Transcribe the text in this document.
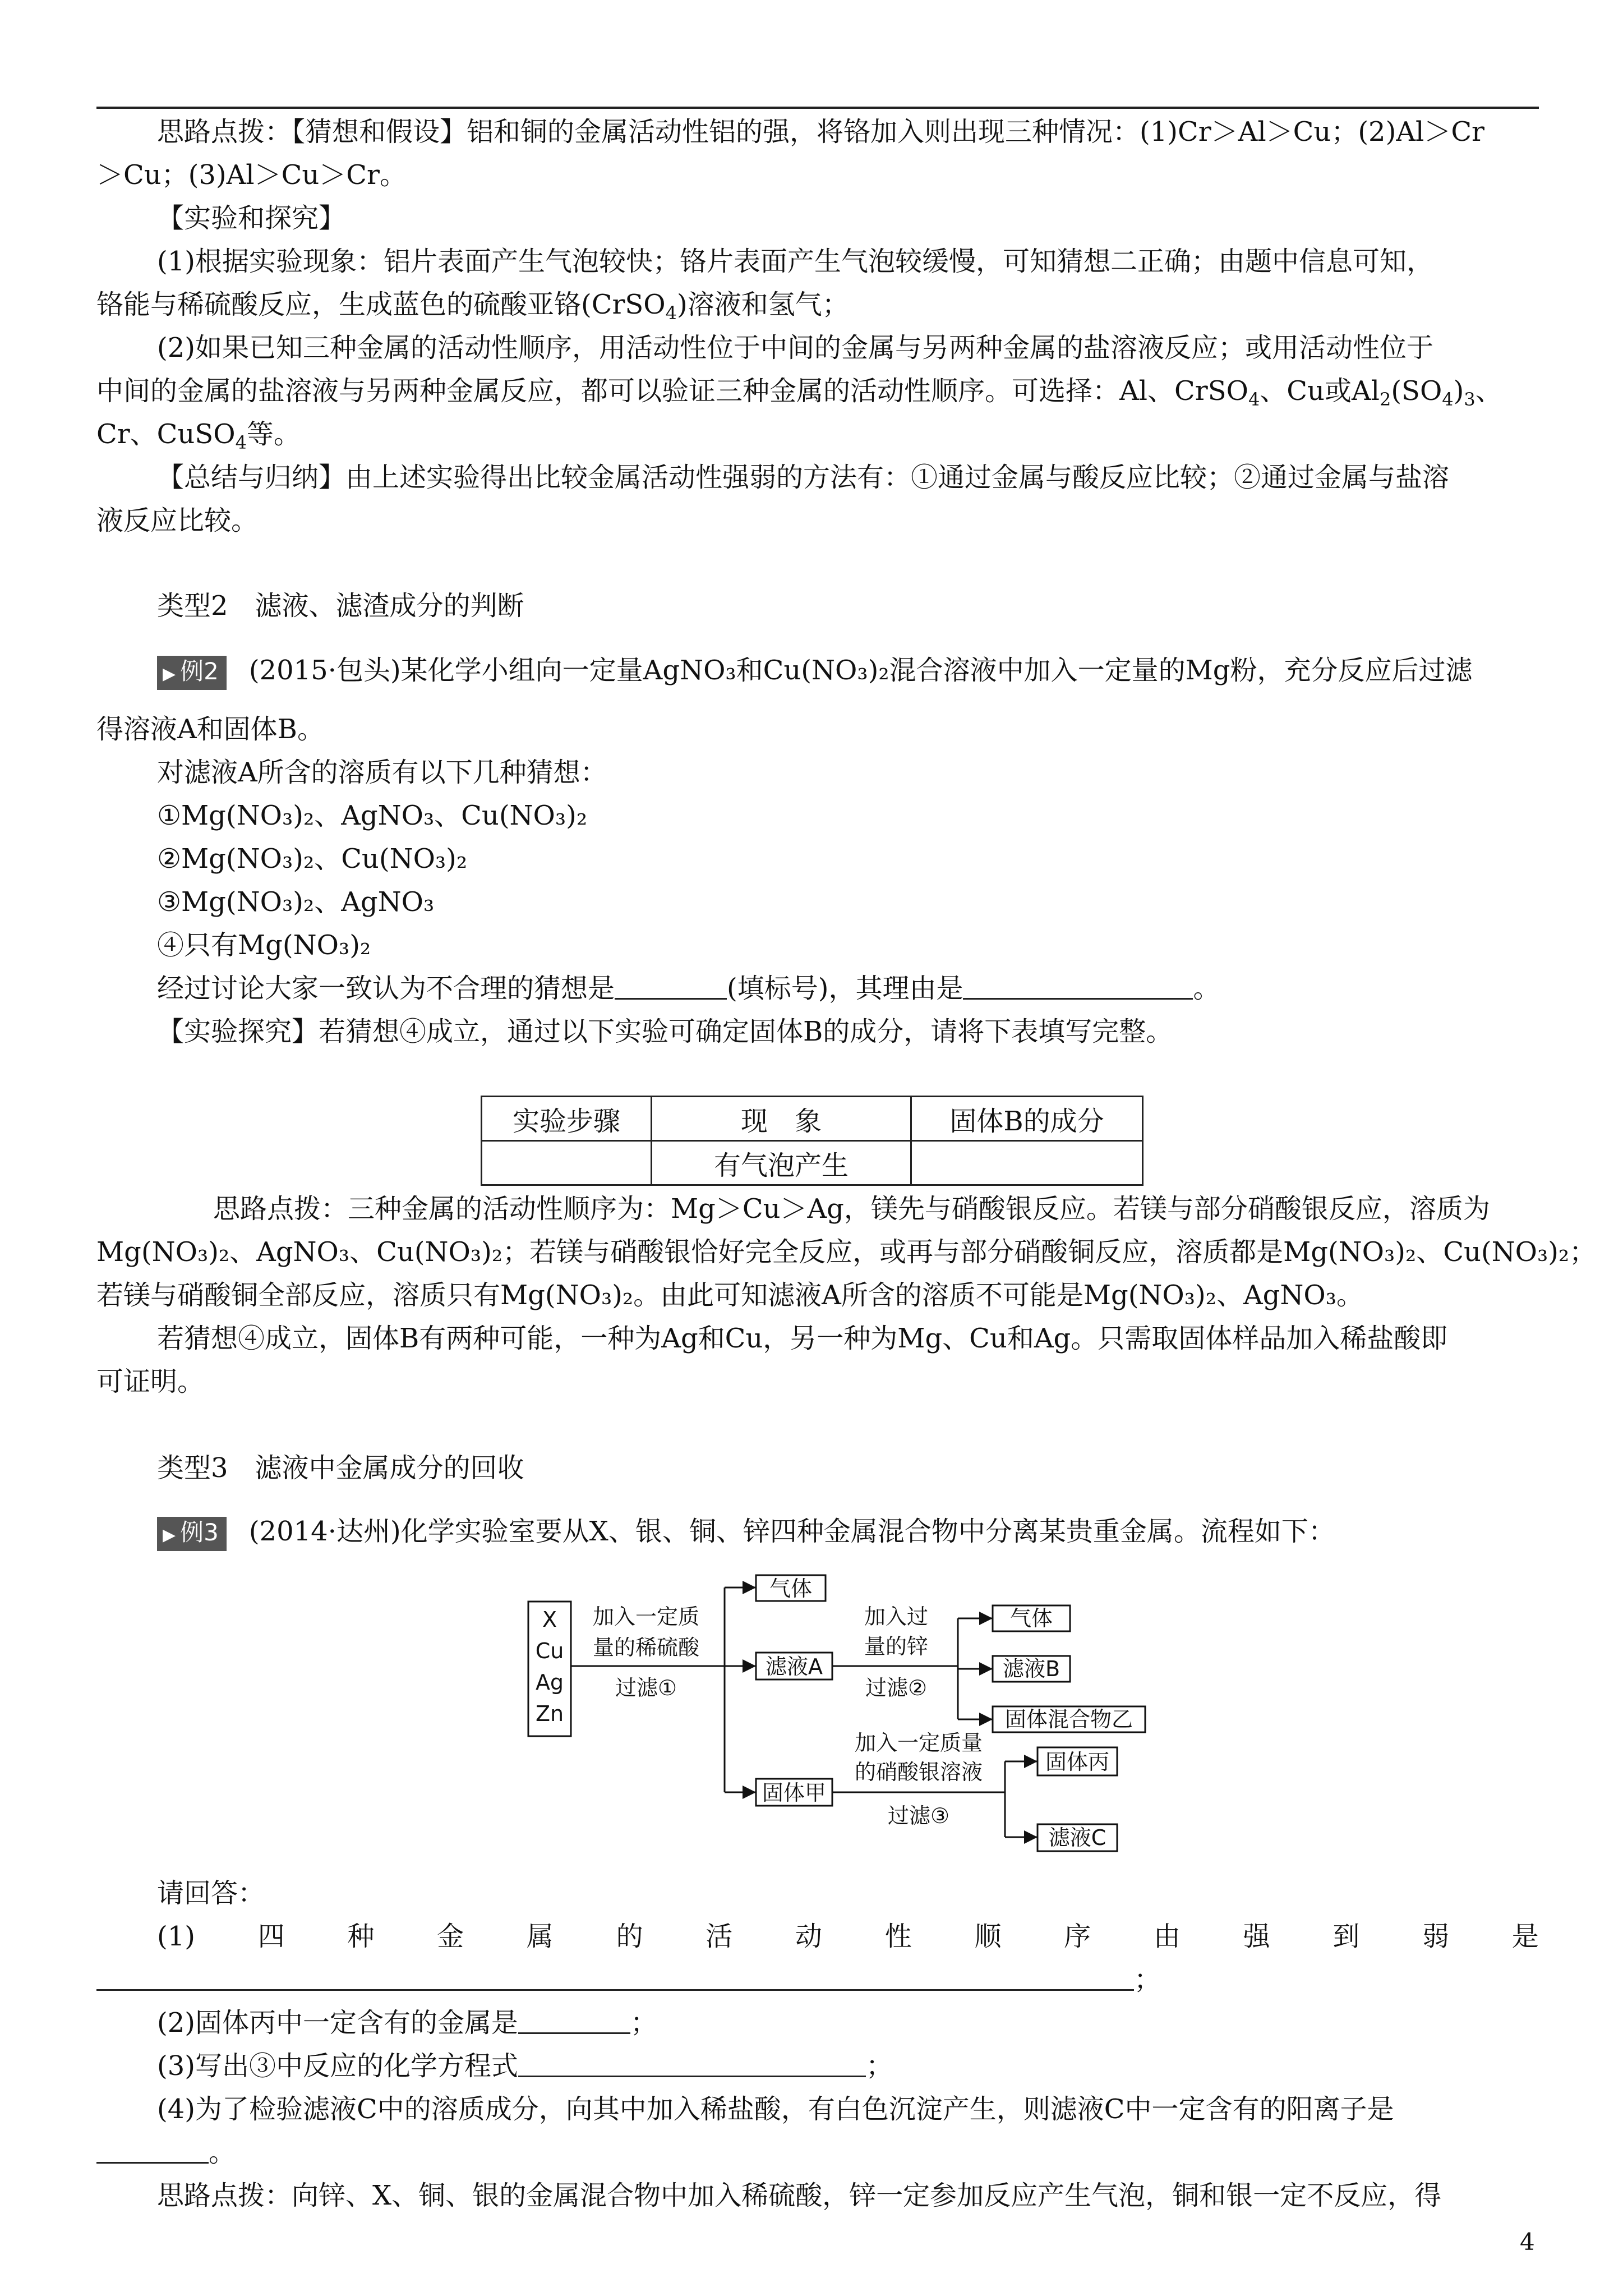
思路点拨：【猜想和假设】铝和铜的金属活动性铝的强，将铬加入则出现三种情况：(1)Cr＞Al＞Cu；(2)Al＞Cr
＞Cu；(3)Al＞Cu＞Cr。
【实验和探究】
(1)根据实验现象：铝片表面产生气泡较快；铬片表面产生气泡较缓慢，可知猜想二正确；由题中信息可知，
铬能与稀硫酸反应，生成蓝色的硫酸亚铬(CrSO$_4$)溶液和氢气；
(2)如果已知三种金属的活动性顺序，用活动性位于中间的金属与另两种金属的盐溶液反应；或用活动性位于
中间的金属的盐溶液与另两种金属反应，都可以验证三种金属的活动性顺序。可选择：Al、CrSO$_4$、Cu或$Al_2(SO_4)_3$、
Cr、CuSO$_4$等。
【总结与归纳】由上述实验得出比较金属活动性强弱的方法有：①通过金属与酸反应比较；②通过金属与盐溶
液反应比较。
类型2　滤液、滤渣成分的判断
▶ 例2 (2015·包头)某化学小组向一定量AgNO₃和Cu(NO₃)₂混合溶液中加入一定量的Mg粉，充分反应后过滤
得溶液A和固体B。
对滤液A所含的溶质有以下几种猜想：
①Mg(NO₃)₂、AgNO₃、Cu(NO₃)₂
②Mg(NO₃)₂、Cu(NO₃)₂
③Mg(NO₃)₂、AgNO₃
④只有Mg(NO₃)₂
经过讨论大家一致认为不合理的猜想是	(填标号)，其理由是	。
【实验探究】若猜想④成立，通过以下实验可确定固体B的成分，请将下表填写完整。
实验步骤	现　象	固体B的成分
	有气泡产生	
思路点拨：三种金属的活动性顺序为：Mg＞Cu＞Ag，镁先与硝酸银反应。若镁与部分硝酸银反应，溶质为
Mg(NO₃)₂、AgNO₃、Cu(NO₃)₂；若镁与硝酸银恰好完全反应，或再与部分硝酸铜反应，溶质都是Mg(NO₃)₂、Cu(NO₃)₂；
若镁与硝酸铜全部反应，溶质只有Mg(NO₃)₂。由此可知滤液A所含的溶质不可能是Mg(NO₃)₂、AgNO₃。
若猜想④成立，固体B有两种可能，一种为Ag和Cu，另一种为Mg、Cu和Ag。只需取固体样品加入稀盐酸即
可证明。
类型3　滤液中金属成分的回收
▶ 例3 (2014·达州)化学实验室要从X、银、铜、锌四种金属混合物中分离某贵重金属。流程如下：
X
Cu
Ag
Zn
加入一定质
量的稀硫酸
过滤①
气体
滤液A
固体甲
加入过
量的锌
过滤②
气体
滤液B
固体混合物乙
加入一定质量
的硝酸银溶液
过滤③
固体丙
滤液C
请回答：
(1) 四 种 金 属 的 活 动 性 顺 序 由 强 到 弱 是
；
(2)固体丙中一定含有的金属是	；
(3)写出③中反应的化学方程式	；
(4)为了检验滤液C中的溶质成分，向其中加入稀盐酸，有白色沉淀产生，则滤液C中一定含有的阳离子是
。
思路点拨：向锌、X、铜、银的金属混合物中加入稀硫酸，锌一定参加反应产生气泡，铜和银一定不反应，得
4
